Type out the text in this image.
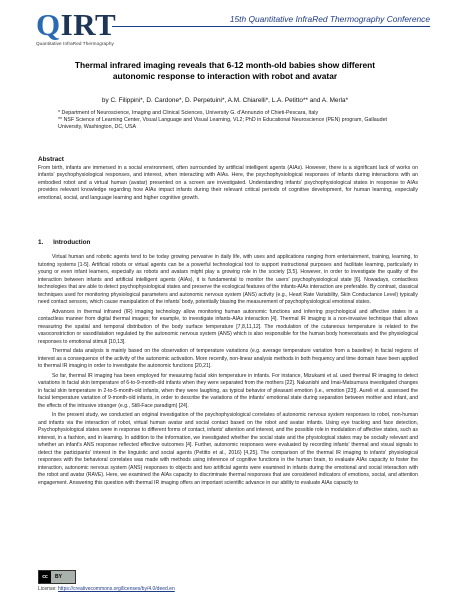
QIRT
Quantitative InfraRed Thermography
15th Quantitative InfraRed Thermography Conference
Thermal infrared imaging reveals that 6-12 month-old babies show different autonomic response to interaction with robot and avatar
by C. Filippini*, D. Cardone*, D. Perpetuini*, A.M. Chiarelli*, L.A. Petitto** and A. Merla*

* Department of Neuroscience, Imaging and Clinical Sciences, University G. d'Annunzio of Chieti-Pescara, Italy

** NSF Science of Learning Center, Visual Language and Visual Learning, VL2; PhD in Educational Neuroscience (PEN) program, Gallaudet University, Washington, DC, USA

Abstract

From birth, infants are immersed in a social environment, often surrounded by artificial intelligent agents (AIAs). However, there is a significant lack of works on infants' psychophysiological responses, and interest, when interacting with AIAs. Here, the psychophysiological responses of infants during interactions with an embodied robot and a virtual human (avatar) presented on a screen are investigated. Understanding infants' psychophysiological states in response to AIAs provides relevant knowledge regarding how AIAs impact infants during their relevant critical periods of cognitive development, for human learning, especially emotional, social, and language learning and higher cognitive growth.

1. Introduction

Virtual human and robotic agents tend to be today growing pervasive in daily life, with uses and applications ranging from entertainment, training, learning, to tutoring systems [1-5]. Artificial robots or virtual agents can be a powerful technological tool to support instructional purposes and facilitate learning, particularly in young or even infant learners, especially as robots and avatars might play a growing role in the society [3,5]. However, in order to investigate the quality of the interaction between infants and artificial intelligent agents (AIAs), it is fundamental to monitor the users' psychophysiological state [6]. Nowadays, contactless technologies that are able to detect psychophysiological states and preserve the ecological features of the infants-AIAs interaction are preferable. By contrast, classical techniques used for monitoring physiological parameters and autonomic nervous system (ANS) activity (e.g., Heart Rate Variability, Skin Conductance Level) typically need contact sensors, which cause manipulation of the infants' body, potentially biasing the measurement of psychophysiological emotional states.

Advances in thermal infrared (IR) imaging technology allow monitoring human autonomic functions and inferring psychological and affective states in a contactless manner from digital thermal images; for example, to investigate infants-AIAs interaction [4]. Thermal IR imaging is a non-invasive technique that allows measuring the spatial and temporal distribution of the body surface temperature [7,8,11,12]. The modulation of the cutaneous temperature is related to the vasoconstriction or vasodilatation regulated by the autonomic nervous system (ANS) which is also responsible for the human body homeostasis and the physiological responses to emotional stimuli [10,13].

Thermal data analysis is mainly based on the observation of temperature variations (e.g. average temperature variation from a baseline) in facial regions of interest as a consequence of the activity of the autonomic activation. More recently, non-linear analysis methods in both frequency and time domain have been applied to thermal IR imaging in order to investigate the autonomic functions [20,21].

So far, thermal IR imaging has been employed for measuring facial skin temperature in infants. For instance, Mizukami et al. used thermal IR imaging to detect variations in facial skin temperature of 6-to-9-month-old infants when they were separated from the mothers [22]. Nakanishi and Imai-Matsumura investigated changes in facial skin temperature in 2-to-5-month-old infants, when they were laughing, as typical behavior of pleasant emotion (i.e., emotion [23]). Aureli et al. assessed the facial temperature variation of 9-month-old infants, in order to describe the variations of the infants' emotional state during separation between mother and infant, and the effects of the intrusive stranger (e.g., Still-Face paradigm) [24].

In the present study, we conducted an original investigation of the psychophysiological correlates of autonomic nervous system responses to robot, non-human and infants via the interaction of robot, virtual human avatar and social contact based on the robot and avatar infants. Using eye tracking and face detection, Psychophysiological states were in response to different forms of contact, infants' attention and interest, and the possible role in modulation of affective states, such as interest, in a fashion, and in learning. In addition to the information, we investigated whether the social state and the physiological states may be socially relevant and whether an infant's ANS response reflected effective outcomes [4]. Further, autonomic responses were evaluated by recording infants' thermal and visual signals to detect the participants' interest in the linguistic and social agents (Petitto et al., 2016) [4,25]. The comparison of the thermal IR imaging to infants' physiological responses with the behavioral correlates was made with methods using inference of cognitive functions in the human brain, to evaluate AIAs capacity to foster the interaction, autonomic nervous system (ANS) responses to objects and two artificial agents were examined in infants during the emotional and social interaction with the robot and avatar (RAVE). Here, we examined the AIAs capacity to discriminate thermal responses that are considered indicators of emotions, social, and attention engagement. Answering this question with thermal IR imaging offers an important scientific advance in our ability to evaluate AIAs capacity to

cc	BY
License: https://creativecommons.org/licenses/by/4.0/deed.en
